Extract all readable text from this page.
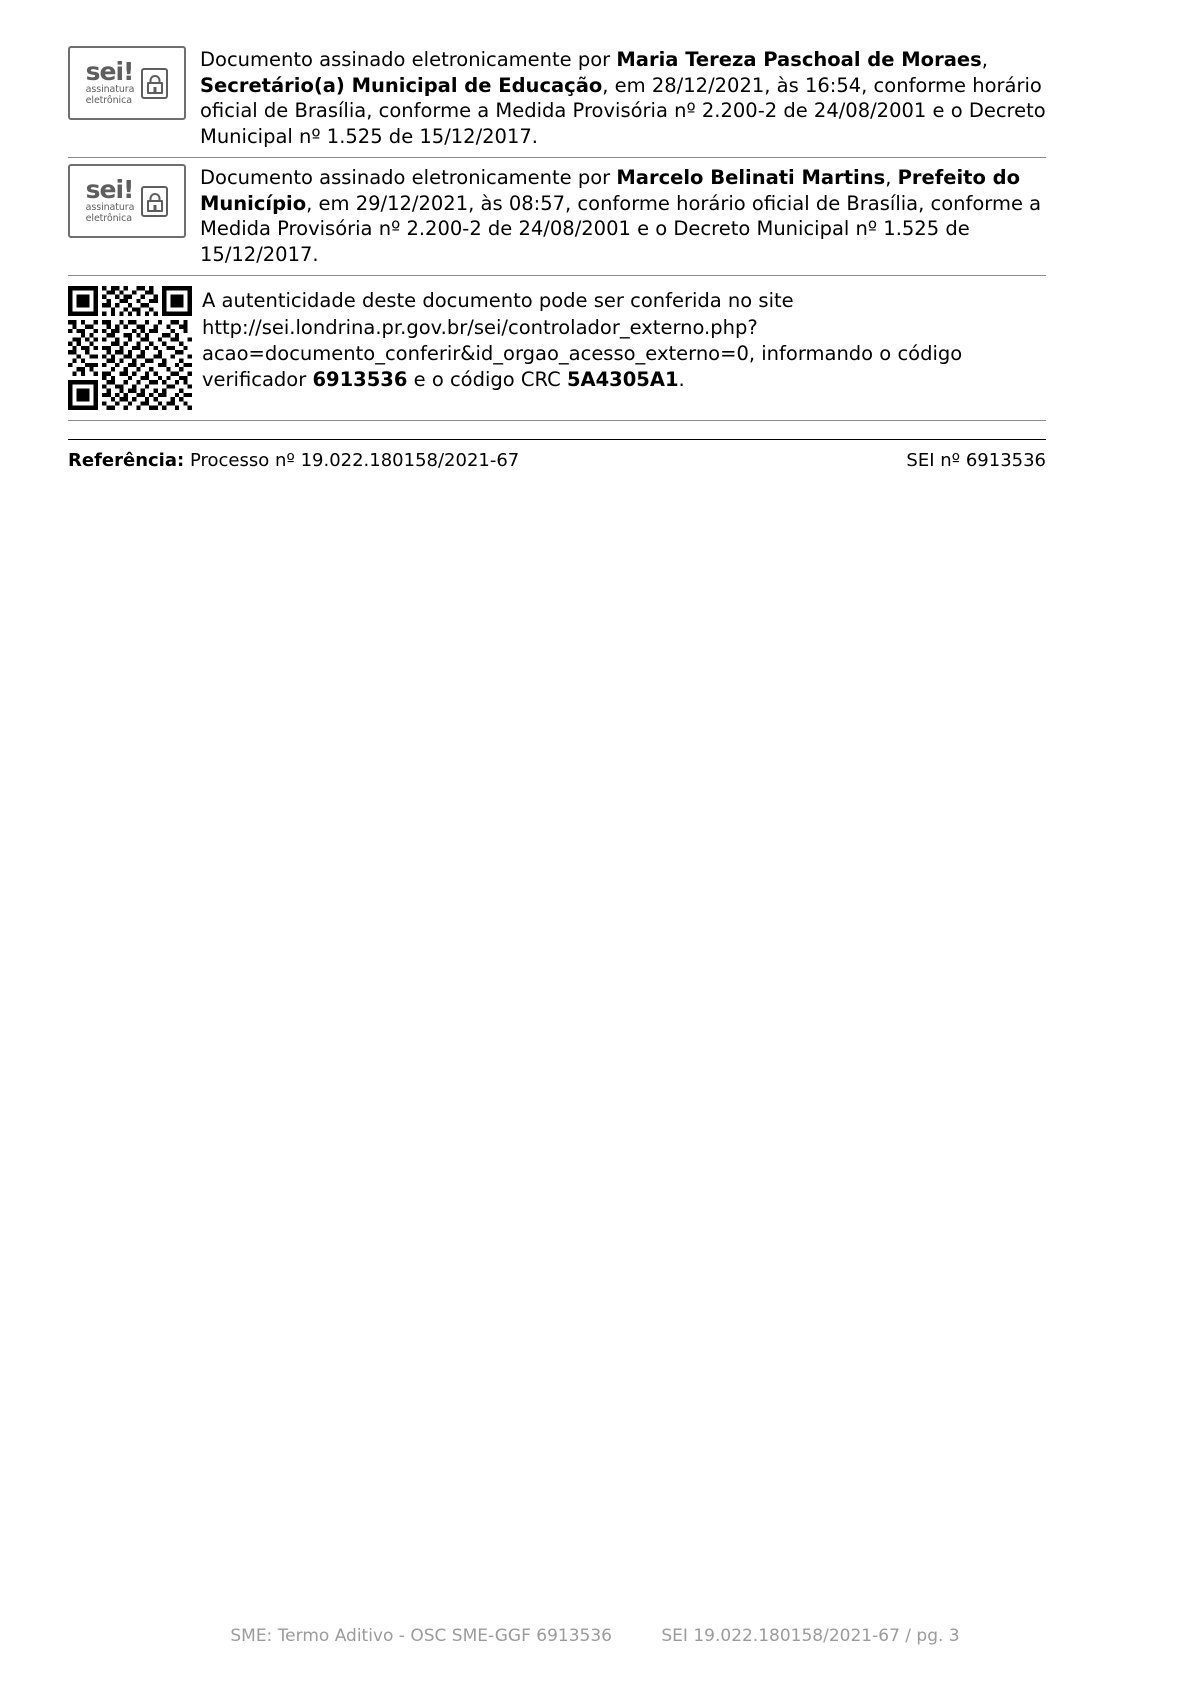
sei!
assinatura
eletrônica
Documento assinado eletronicamente por Maria Tereza Paschoal de Moraes, Secretário(a) Municipal de Educação, em 28/12/2021, às 16:54, conforme horário oficial de Brasília, conforme a Medida Provisória nº 2.200-2 de 24/08/2001 e o Decreto Municipal nº 1.525 de 15/12/2017.
sei!
assinatura
eletrônica
Documento assinado eletronicamente por Marcelo Belinati Martins, Prefeito do Município, em 29/12/2021, às 08:57, conforme horário oficial de Brasília, conforme a Medida Provisória nº 2.200-2 de 24/08/2001 e o Decreto Municipal nº 1.525 de 15/12/2017.
A autenticidade deste documento pode ser conferida no site http://sei.londrina.pr.gov.br/sei/controlador_externo.php?acao=documento_conferir&id_orgao_acesso_externo=0, informando o código verificador 6913536 e o código CRC 5A4305A1.
Referência: Processo nº 19.022.180158/2021-67	SEI nº 6913536
SME: Termo Aditivo - OSC SME-GGF 6913536	SEI 19.022.180158/2021-67 / pg. 3
